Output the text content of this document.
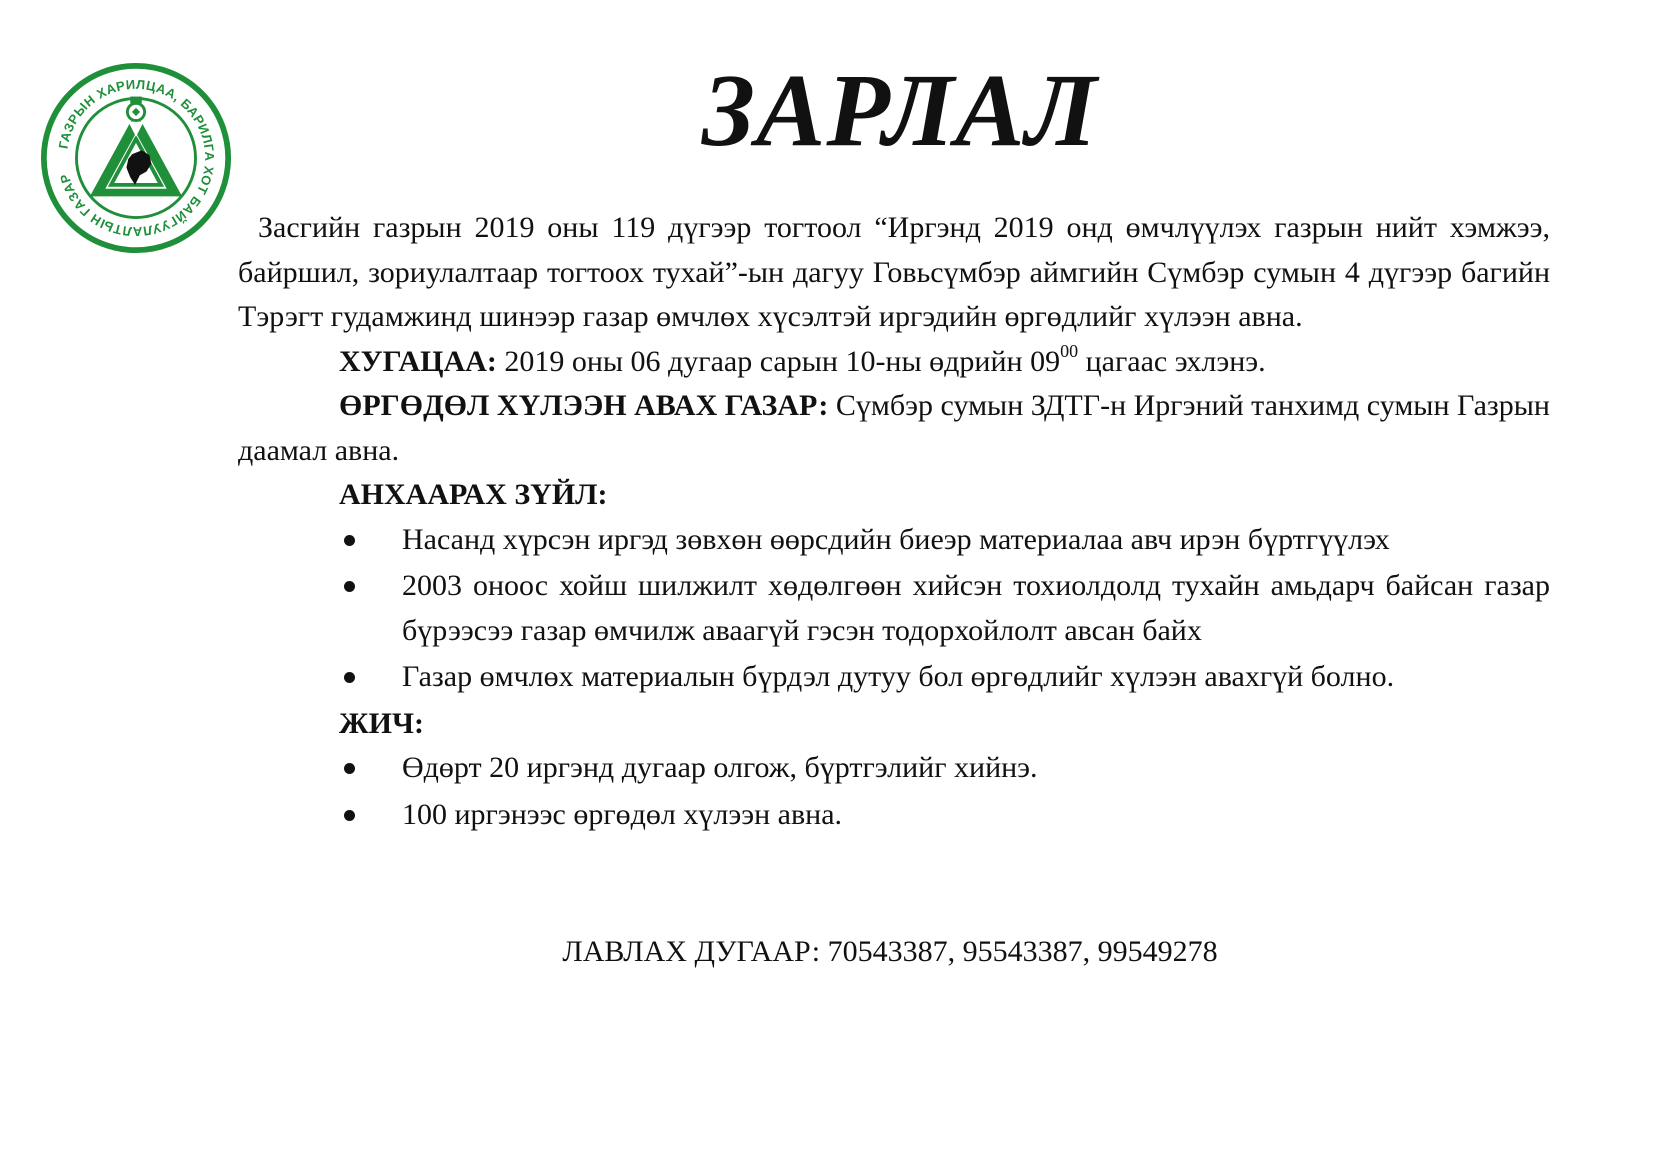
ГАЗРЫН ХАРИЛЦАА, БАРИЛГА ХОТ БАЙГУУЛАЛТЫН ГАЗАР
ЗАРЛАЛ

Засгийн газрын 2019 оны 119 дүгээр тогтоол “Иргэнд 2019 онд өмчлүүлэх газрын нийт хэмжээ, байршил, зориулалтаар тогтоох тухай”-ын дагуу Говьсүмбэр аймгийн Сүмбэр сумын 4 дүгээр багийн Тэрэгт гудамжинд шинээр газар өмчлөх хүсэлтэй иргэдийн өргөдлийг хүлээн авна.

ХУГАЦАА: 2019 оны 06 дугаар сарын 10-ны өдрийн $09^{00}$ цагаас эхлэнэ.

ӨРГӨДӨЛ ХҮЛЭЭН АВАХ ГАЗАР: Сүмбэр сумын ЗДТГ-н Иргэний танхимд сумын Газрын даамал авна.

АНХААРАХ ЗҮЙЛ:

Насанд хүрсэн иргэд зөвхөн өөрсдийн биеэр материалаа авч ирэн бүртгүүлэх
2003 оноос хойш шилжилт хөдөлгөөн хийсэн тохиолдолд тухайн амьдарч байсан газар бүрээсээ газар өмчилж аваагүй гэсэн тодорхойлолт авсан байх
Газар өмчлөх материалын бүрдэл дутуу бол өргөдлийг хүлээн авахгүй болно.

ЖИЧ:

Өдөрт 20 иргэнд дугаар олгож, бүртгэлийг хийнэ.
100 иргэнээс өргөдөл хүлээн авна.

ЛАВЛАХ ДУГААР: 70543387, 95543387, 99549278
